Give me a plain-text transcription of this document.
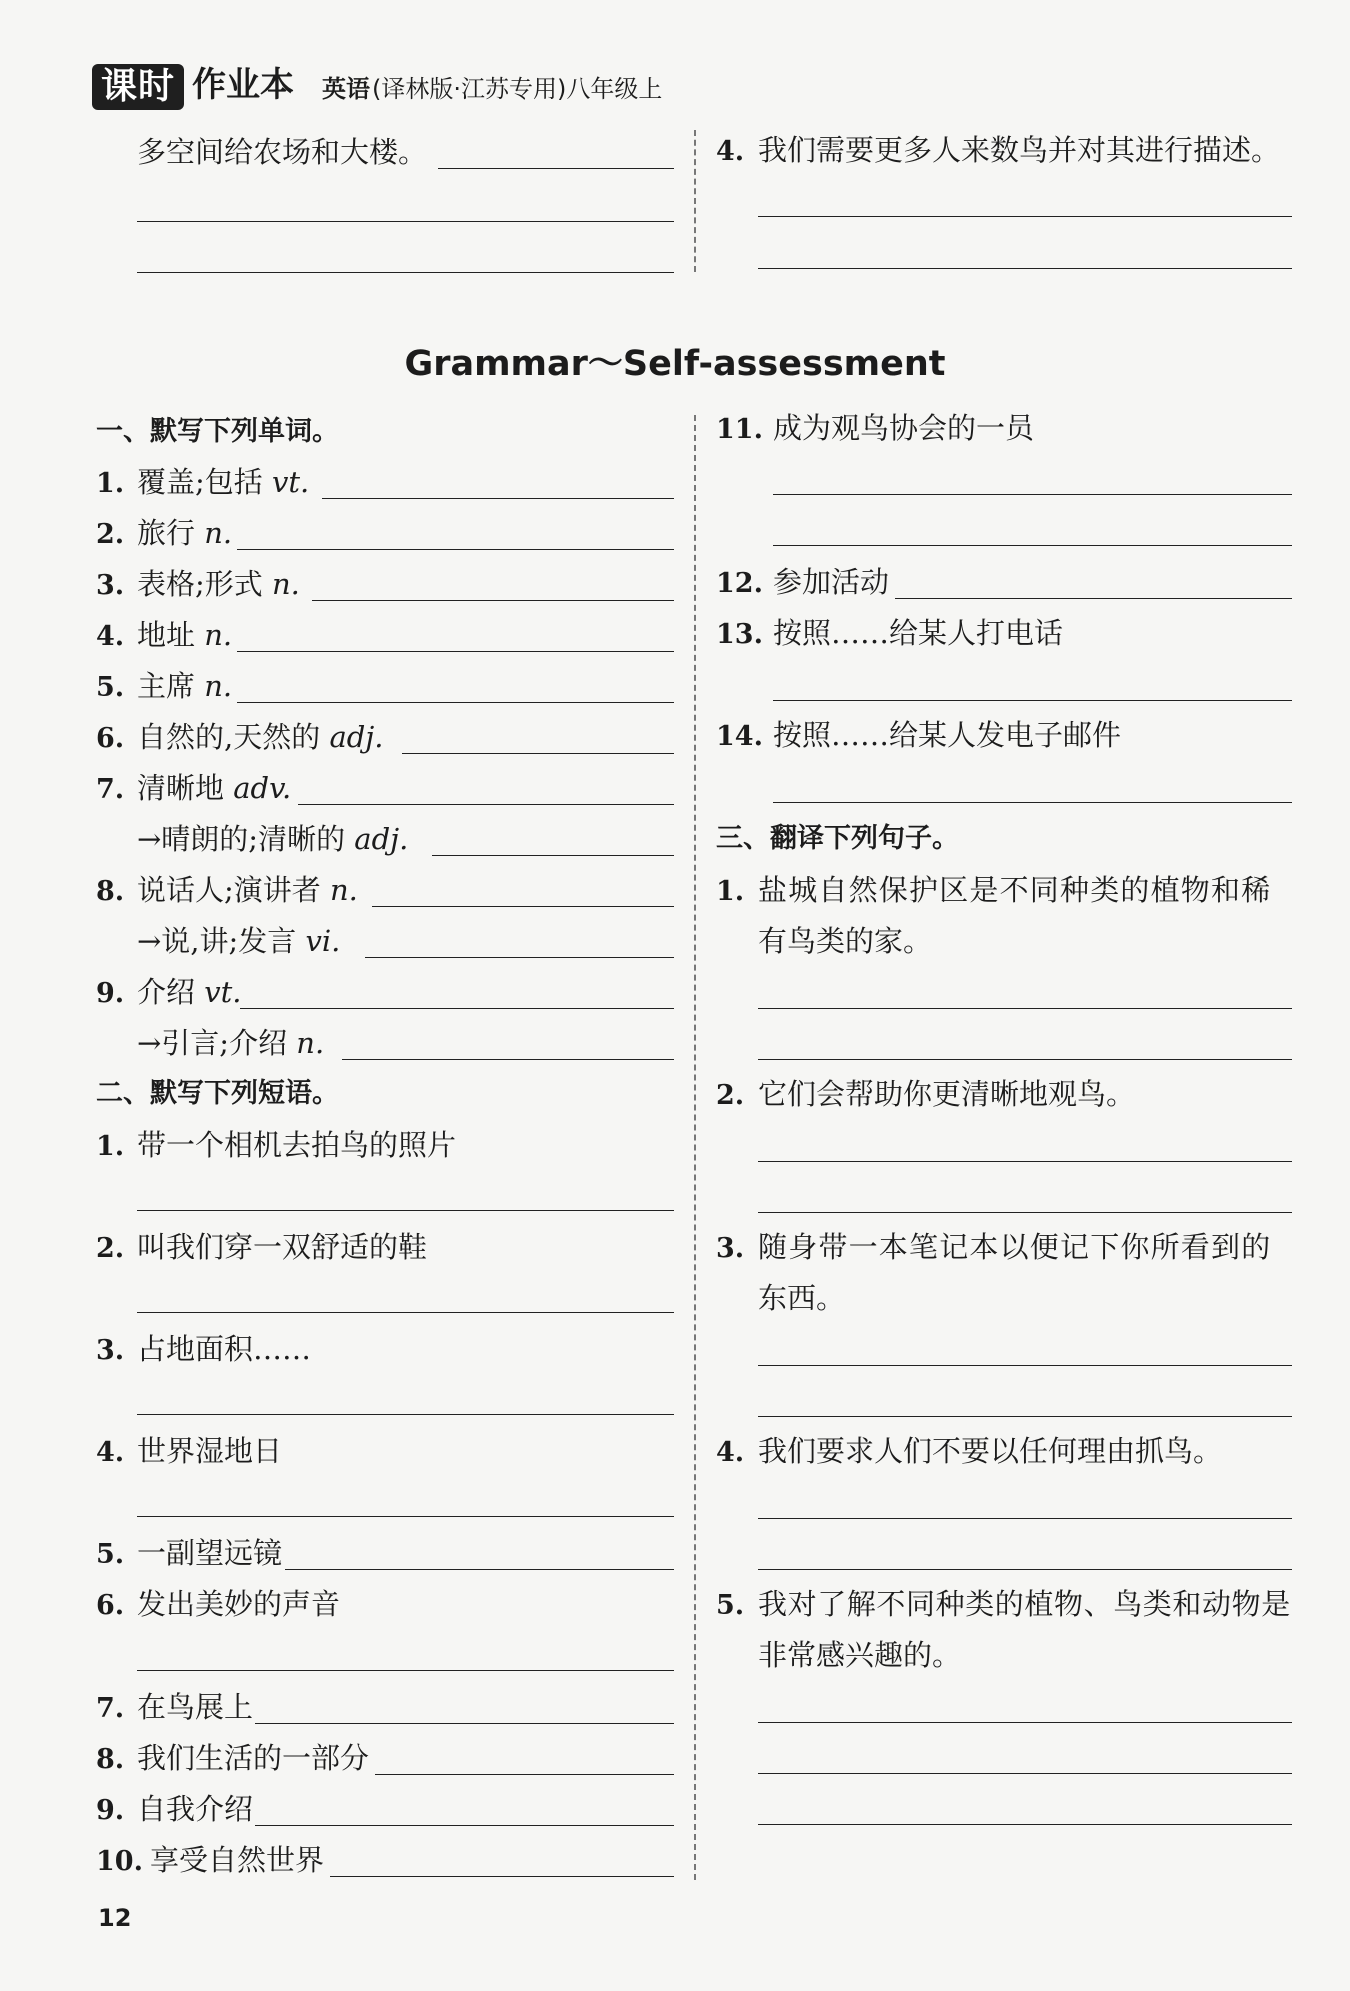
课时 作业本 英语 (译林版·江苏专用)八年级上
多空间给农场和大楼。	4. 我们需要更多人来数鸟并对其进行描述。
Grammar～Self-assessment
一、默写下列单词。
1. 覆盖;包括 vt.
2. 旅行 n.
3. 表格;形式 n.
4. 地址 n.
5. 主席 n.
6. 自然的,天然的 adj.
7. 清晰地 adv.
→晴朗的;清晰的 adj.
8. 说话人;演讲者 n.
→说,讲;发言 vi.
9. 介绍 vt.
→引言;介绍 n.
二、默写下列短语。
1. 带一个相机去拍鸟的照片
2. 叫我们穿一双舒适的鞋
3. 占地面积……
4. 世界湿地日
5. 一副望远镜
6. 发出美妙的声音
7. 在鸟展上
8. 我们生活的一部分
9. 自我介绍
10. 享受自然世界
11. 成为观鸟协会的一员
12. 参加活动
13. 按照……给某人打电话
14. 按照……给某人发电子邮件
三、翻译下列句子。
1. 盐城自然保护区是不同种类的植物和稀
有鸟类的家。
2. 它们会帮助你更清晰地观鸟。
3. 随身带一本笔记本以便记下你所看到的
东西。
4. 我们要求人们不要以任何理由抓鸟。
5. 我对了解不同种类的植物、鸟类和动物是
非常感兴趣的。
12
